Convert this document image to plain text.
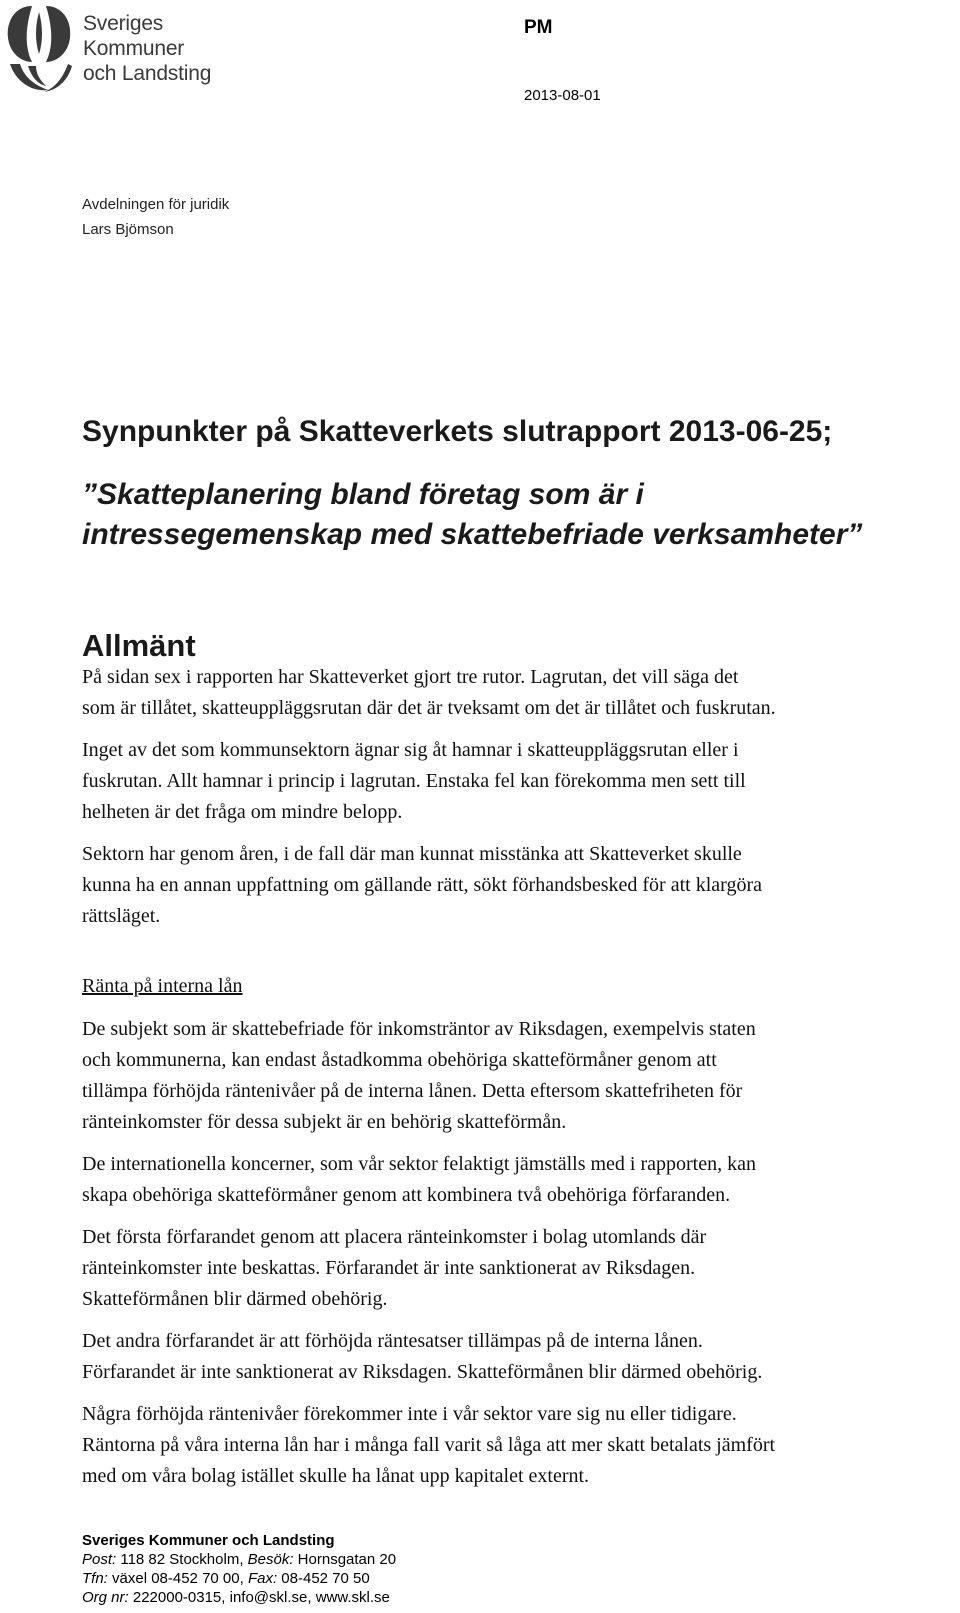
Sveriges
Kommuner
och Landsting
PM
2013-08-01
Avdelningen för juridik
Lars Bjömson
Synpunkter på Skatteverkets slutrapport 2013-06-25;
”Skatteplanering bland företag som är i
intressegemenskap med skattebefriade verksamheter”
Allmänt
På sidan sex i rapporten har Skatteverket gjort tre rutor. Lagrutan, det vill säga det
som är tillåtet, skatteuppläggsrutan där det är tveksamt om det är tillåtet och fuskrutan.
Inget av det som kommunsektorn ägnar sig åt hamnar i skatteuppläggsrutan eller i
fuskrutan. Allt hamnar i princip i lagrutan. Enstaka fel kan förekomma men sett till
helheten är det fråga om mindre belopp.
Sektorn har genom åren, i de fall där man kunnat misstänka att Skatteverket skulle
kunna ha en annan uppfattning om gällande rätt, sökt förhandsbesked för att klargöra
rättsläget.
Ränta på interna lån
De subjekt som är skattebefriade för inkomsträntor av Riksdagen, exempelvis staten
och kommunerna, kan endast åstadkomma obehöriga skatteförmåner genom att
tillämpa förhöjda räntenivåer på de interna lånen. Detta eftersom skattefriheten för
ränteinkomster för dessa subjekt är en behörig skatteförmån.
De internationella koncerner, som vår sektor felaktigt jämställs med i rapporten, kan
skapa obehöriga skatteförmåner genom att kombinera två obehöriga förfaranden.
Det första förfarandet genom att placera ränteinkomster i bolag utomlands där
ränteinkomster inte beskattas. Förfarandet är inte sanktionerat av Riksdagen.
Skatteförmånen blir därmed obehörig.
Det andra förfarandet är att förhöjda räntesatser tillämpas på de interna lånen.
Förfarandet är inte sanktionerat av Riksdagen. Skatteförmånen blir därmed obehörig.
Några förhöjda räntenivåer förekommer inte i vår sektor vare sig nu eller tidigare.
Räntorna på våra interna lån har i många fall varit så låga att mer skatt betalats jämfört
med om våra bolag istället skulle ha lånat upp kapitalet externt.
Sveriges Kommuner och Landsting
Post: 118 82 Stockholm, Besök: Hornsgatan 20
Tfn: växel 08-452 70 00, Fax: 08-452 70 50
Org nr: 222000-0315, info@skl.se, www.skl.se
